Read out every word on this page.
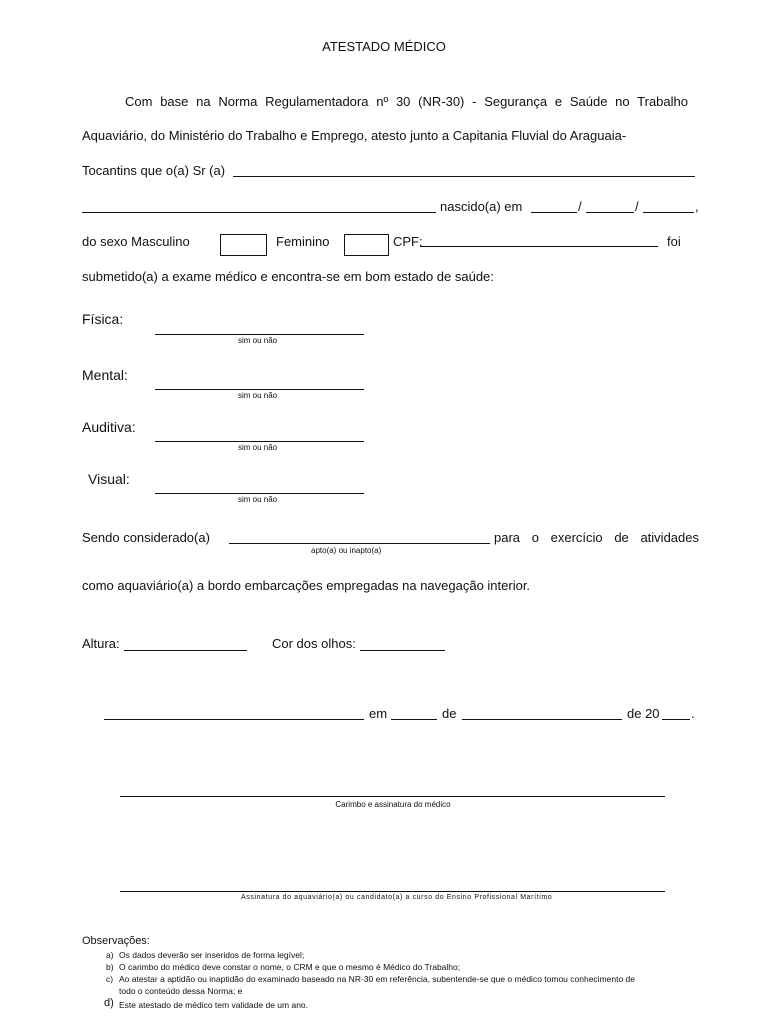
ATESTADO MÉDICO
Com base na Norma Regulamentadora nº 30 (NR-30) - Segurança e Saúde no Trabalho
Aquaviário, do Ministério do Trabalho e Emprego, atesto junto a Capitania Fluvial do Araguaia-
Tocantins que o(a) Sr (a)
nascido(a) em	/	/	,
do sexo Masculino	Feminino	CPF:	foi
submetido(a) a exame médico e encontra-se em bom estado de saúde:
Física:
sim ou não
Mental:
sim ou não
Auditiva:
sim ou não
Visual:
sim ou não
Sendo considerado(a)
apto(a) ou inapto(a)
para o exercício de atividades
como aquaviário(a) a bordo embarcações empregadas na navegação interior.
Altura:	Cor dos olhos:
em	de	de 20 .
Carimbo e assinatura do médico
Assinatura do aquaviário(a) ou candidato(a) a curso do Ensino Profissional Marítimo
Observações:
a) Os dados deverão ser inseridos de forma legível;
b) O carimbo do médico deve constar o nome, o CRM e que o mesmo é Médico do Trabalho;
c) Ao atestar a aptidão ou inaptidão do examinado baseado na NR-30 em referência, subentende-se que o médico tomou conhecimento de
todo o conteúdo dessa Norma; e
d) Este atestado de médico tem validade de um ano.
